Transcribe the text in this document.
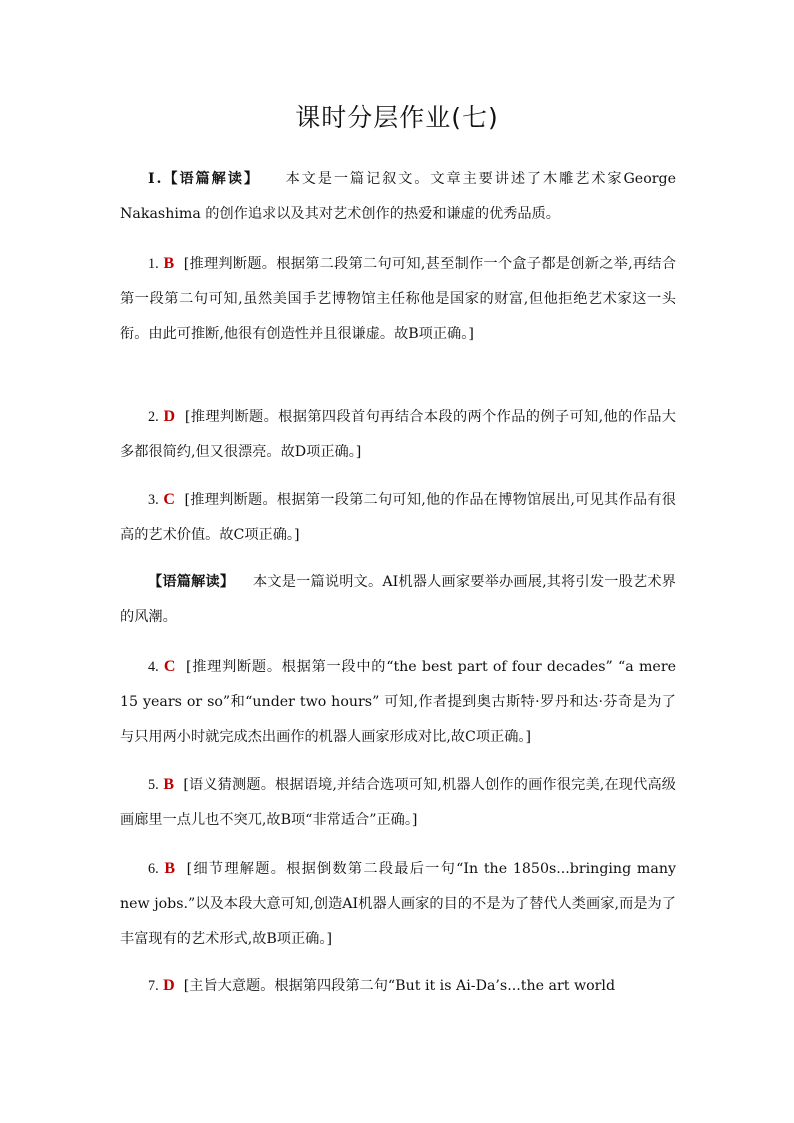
课时分层作业(七)
Ⅰ.【语篇解读】 本文是一篇记叙文。文章主要讲述了木雕艺术家George Nakashima 的创作追求以及其对艺术创作的热爱和谦虚的优秀品质。
1. B [推理判断题。根据第二段第二句可知,甚至制作一个盒子都是创新之举,再结合第一段第二句可知,虽然美国手艺博物馆主任称他是国家的财富,但他拒绝艺术家这一头衔。由此可推断,他很有创造性并且很谦虚。故B项正确。]
2. D [推理判断题。根据第四段首句再结合本段的两个作品的例子可知,他的作品大多都很简约,但又很漂亮。故D项正确。]
3. C [推理判断题。根据第一段第二句可知,他的作品在博物馆展出,可见其作品有很高的艺术价值。故C项正确。]
【语篇解读】 本文是一篇说明文。AI机器人画家要举办画展,其将引发一股艺术界的风潮。
4. C [推理判断题。根据第一段中的“the best part of four decades” “a mere 15 years or so”和“under two hours” 可知,作者提到奥古斯特·罗丹和达·芬奇是为了与只用两小时就完成杰出画作的机器人画家形成对比,故C项正确。]
5. B [语义猜测题。根据语境,并结合选项可知,机器人创作的画作很完美,在现代高级画廊里一点儿也不突兀,故B项“非常适合”正确。]
6. B [细节理解题。根据倒数第二段最后一句“In the 1850s...bringing many new jobs.”以及本段大意可知,创造AI机器人画家的目的不是为了替代人类画家,而是为了丰富现有的艺术形式,故B项正确。]
7. D [主旨大意题。根据第四段第二句“But it is Ai-Da’s...the art world
